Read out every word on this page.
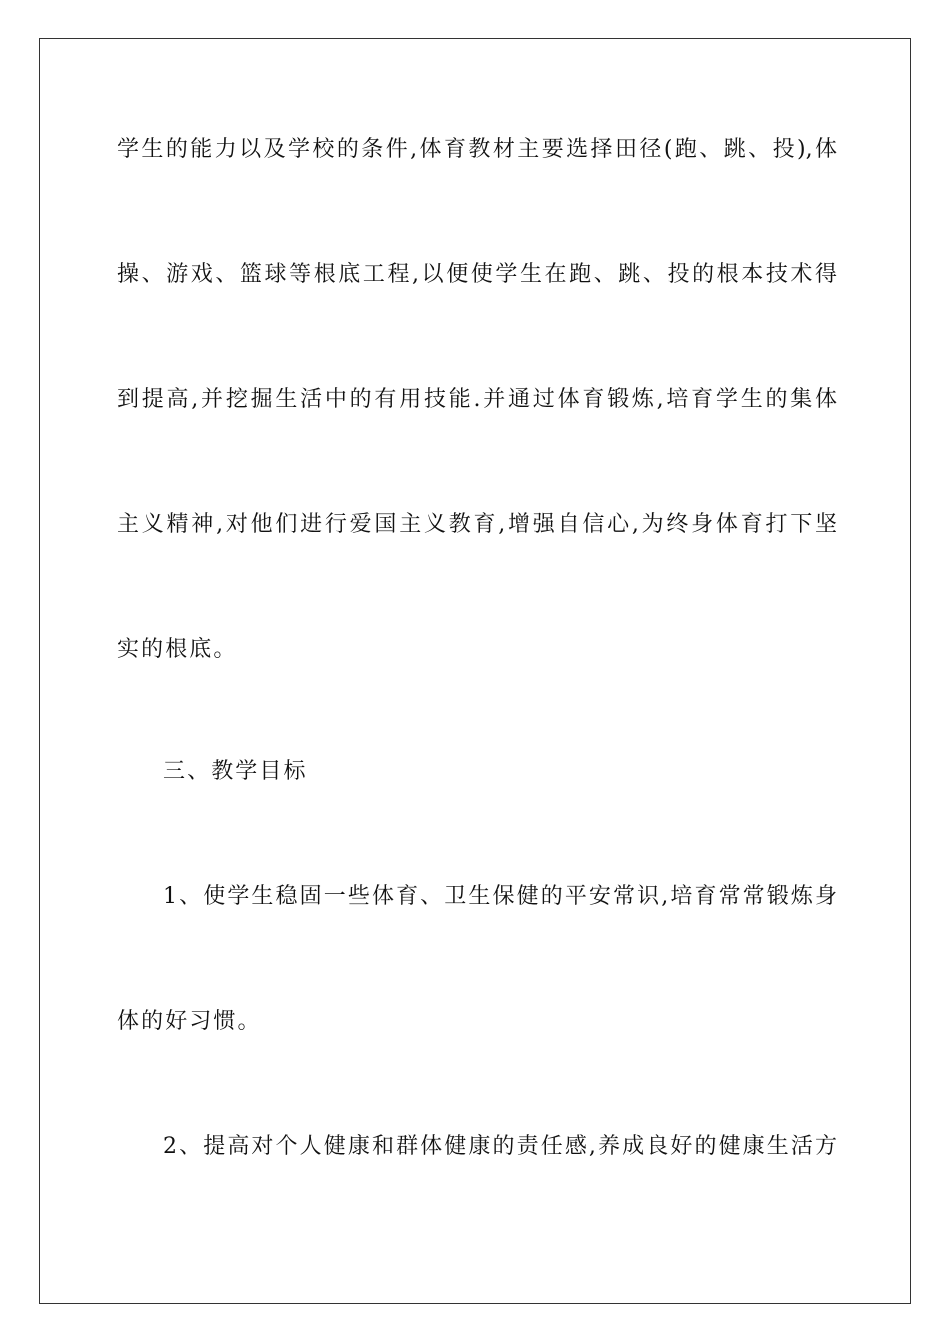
学生的能力以及学校的条件,体育教材主要选择田径(跑、跳、投),体
操、游戏、篮球等根底工程,以便使学生在跑、跳、投的根本技术得
到提高,并挖掘生活中的有用技能.并通过体育锻炼,培育学生的集体
主义精神,对他们进行爱国主义教育,增强自信心,为终身体育打下坚
实的根底。
三、教学目标
1、使学生稳固一些体育、卫生保健的平安常识,培育常常锻炼身
体的好习惯。
2、提高对个人健康和群体健康的责任感,养成良好的健康生活方
